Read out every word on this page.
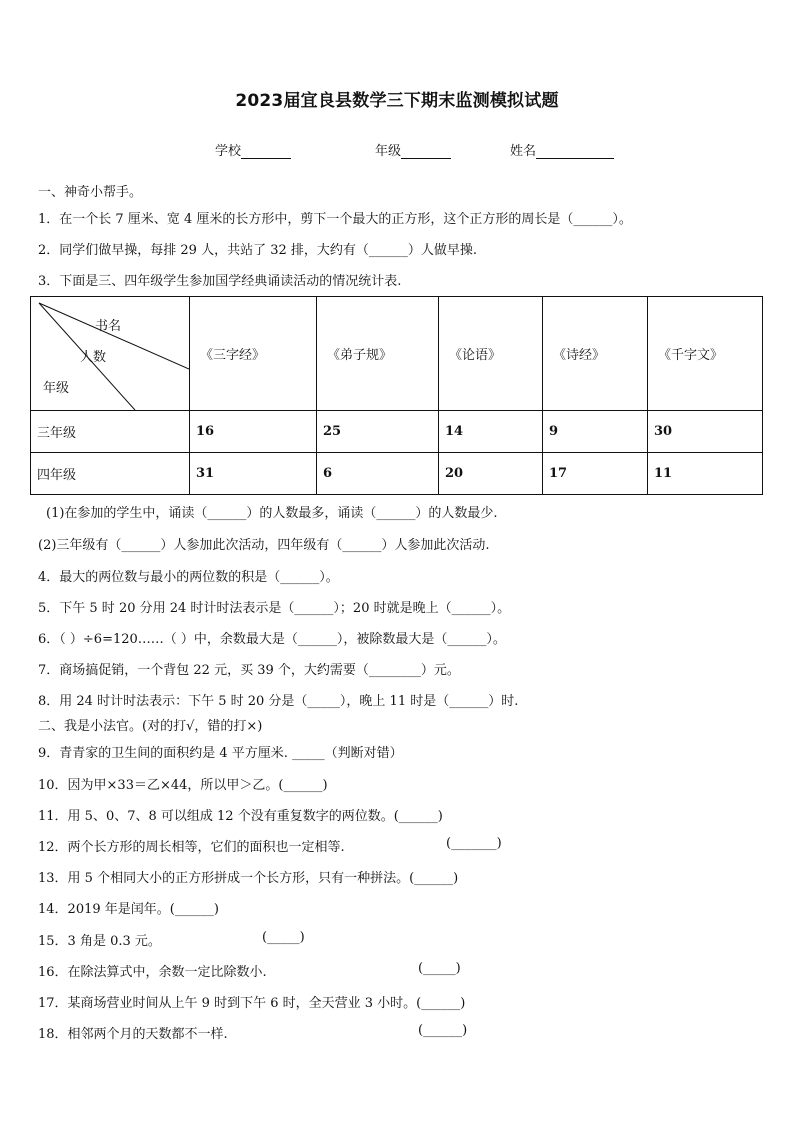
2023届宜良县数学三下期末监测模拟试题
学校	年级	姓名
一、神奇小帮手。
1．在一个长 7 厘米、宽 4 厘米的长方形中，剪下一个最大的正方形，这个正方形的周长是（______）。
2．同学们做早操，每排 29 人，共站了 32 排，大约有（______）人做早操.
3．下面是三、四年级学生参加国学经典诵读活动的情况统计表.
书名
人数
年级	《三字经》	《弟子规》	《论语》	《诗经》	《千字文》
三年级	16	25	14	9	30
四年级	31	6	20	17	11
(1)在参加的学生中，诵读（______）的人数最多，诵读（______）的人数最少.
(2)三年级有（______）人参加此次活动，四年级有（______）人参加此次活动.
4．最大的两位数与最小的两位数的积是（______）。
5．下午 5 时 20 分用 24 时计时法表示是（______）；20 时就是晚上（______）。
6．（ ）÷6=120……（ ）中，余数最大是（______），被除数最大是（______）。
7．商场搞促销，一个背包 22 元，买 39 个，大约需要（________）元。
8．用 24 时计时法表示：下午 5 时 20 分是（_____），晚上 11 时是（______）时.
二、我是小法官。(对的打√，错的打×)
9．青青家的卫生间的面积约是 4 平方厘米. _____（判断对错）
10．因为甲×33＝乙×44，所以甲＞乙。(______)
11．用 5、0、7、8 可以组成 12 个没有重复数字的两位数。(______)
12．两个长方形的周长相等，它们的面积也一定相等.	(_______)
13．用 5 个相同大小的正方形拼成一个长方形，只有一种拼法。(______)
14．2019 年是闰年。(______)
15．3 角是 0.3 元。	(_____)
16．在除法算式中，余数一定比除数小.	(_____)
17．某商场营业时间从上午 9 时到下午 6 时，全天营业 3 小时。(______)
18．相邻两个月的天数都不一样.	(______)
